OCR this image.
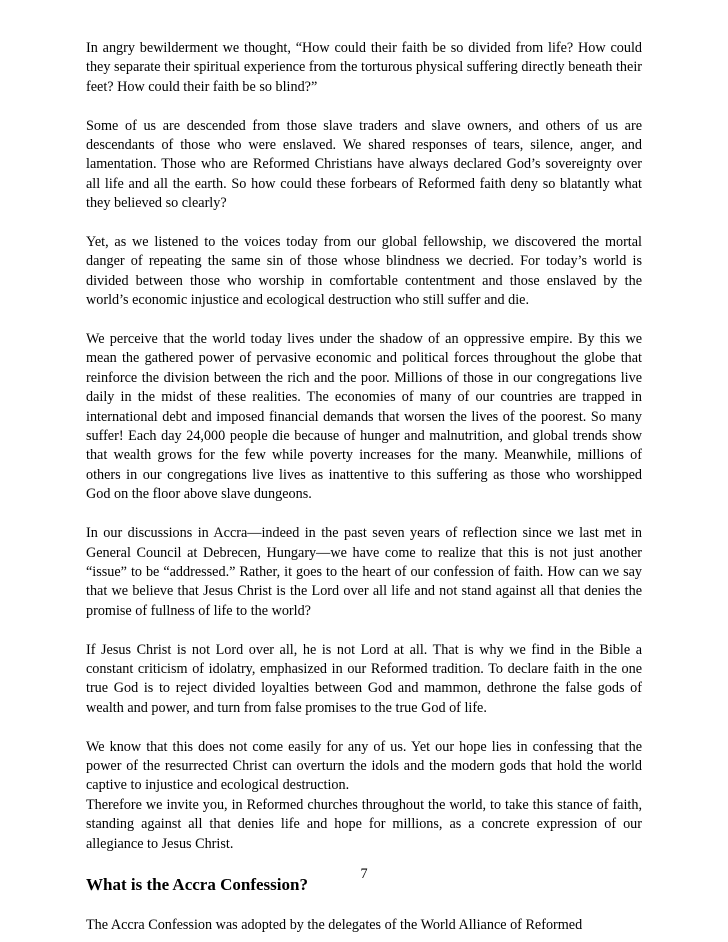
In angry bewilderment we thought, “How could their faith be so divided from life? How could they separate their spiritual experience from the torturous physical suffering directly beneath their feet? How could their faith be so blind?”

Some of us are descended from those slave traders and slave owners, and others of us are descendants of those who were enslaved. We shared responses of tears, silence, anger, and lamentation. Those who are Reformed Christians have always declared God’s sovereignty over all life and all the earth. So how could these forbears of Reformed faith deny so blatantly what they believed so clearly?

Yet, as we listened to the voices today from our global fellowship, we discovered the mortal danger of repeating the same sin of those whose blindness we decried. For today’s world is divided between those who worship in comfortable contentment and those enslaved by the world’s economic injustice and ecological destruction who still suffer and die.

We perceive that the world today lives under the shadow of an oppressive empire. By this we mean the gathered power of pervasive economic and political forces throughout the globe that reinforce the division between the rich and the poor. Millions of those in our congregations live daily in the midst of these realities. The economies of many of our countries are trapped in international debt and imposed financial demands that worsen the lives of the poorest. So many suffer! Each day 24,000 people die because of hunger and malnutrition, and global trends show that wealth grows for the few while poverty increases for the many. Meanwhile, millions of others in our congregations live lives as inattentive to this suffering as those who worshipped God on the floor above slave dungeons.

In our discussions in Accra—indeed in the past seven years of reflection since we last met in General Council at Debrecen, Hungary—we have come to realize that this is not just another “issue” to be “addressed.” Rather, it goes to the heart of our confession of faith. How can we say that we believe that Jesus Christ is the Lord over all life and not stand against all that denies the promise of fullness of life to the world?

If Jesus Christ is not Lord over all, he is not Lord at all. That is why we find in the Bible a constant criticism of idolatry, emphasized in our Reformed tradition. To declare faith in the one true God is to reject divided loyalties between God and mammon, dethrone the false gods of wealth and power, and turn from false promises to the true God of life.

We know that this does not come easily for any of us. Yet our hope lies in confessing that the power of the resurrected Christ can overturn the idols and the modern gods that hold the world captive to injustice and ecological destruction.

Therefore we invite you, in Reformed churches throughout the world, to take this stance of faith, standing against all that denies life and hope for millions, as a concrete expression of our allegiance to Jesus Christ.

What is the Accra Confession?

The Accra Confession was adopted by the delegates of the World Alliance of Reformed

7
